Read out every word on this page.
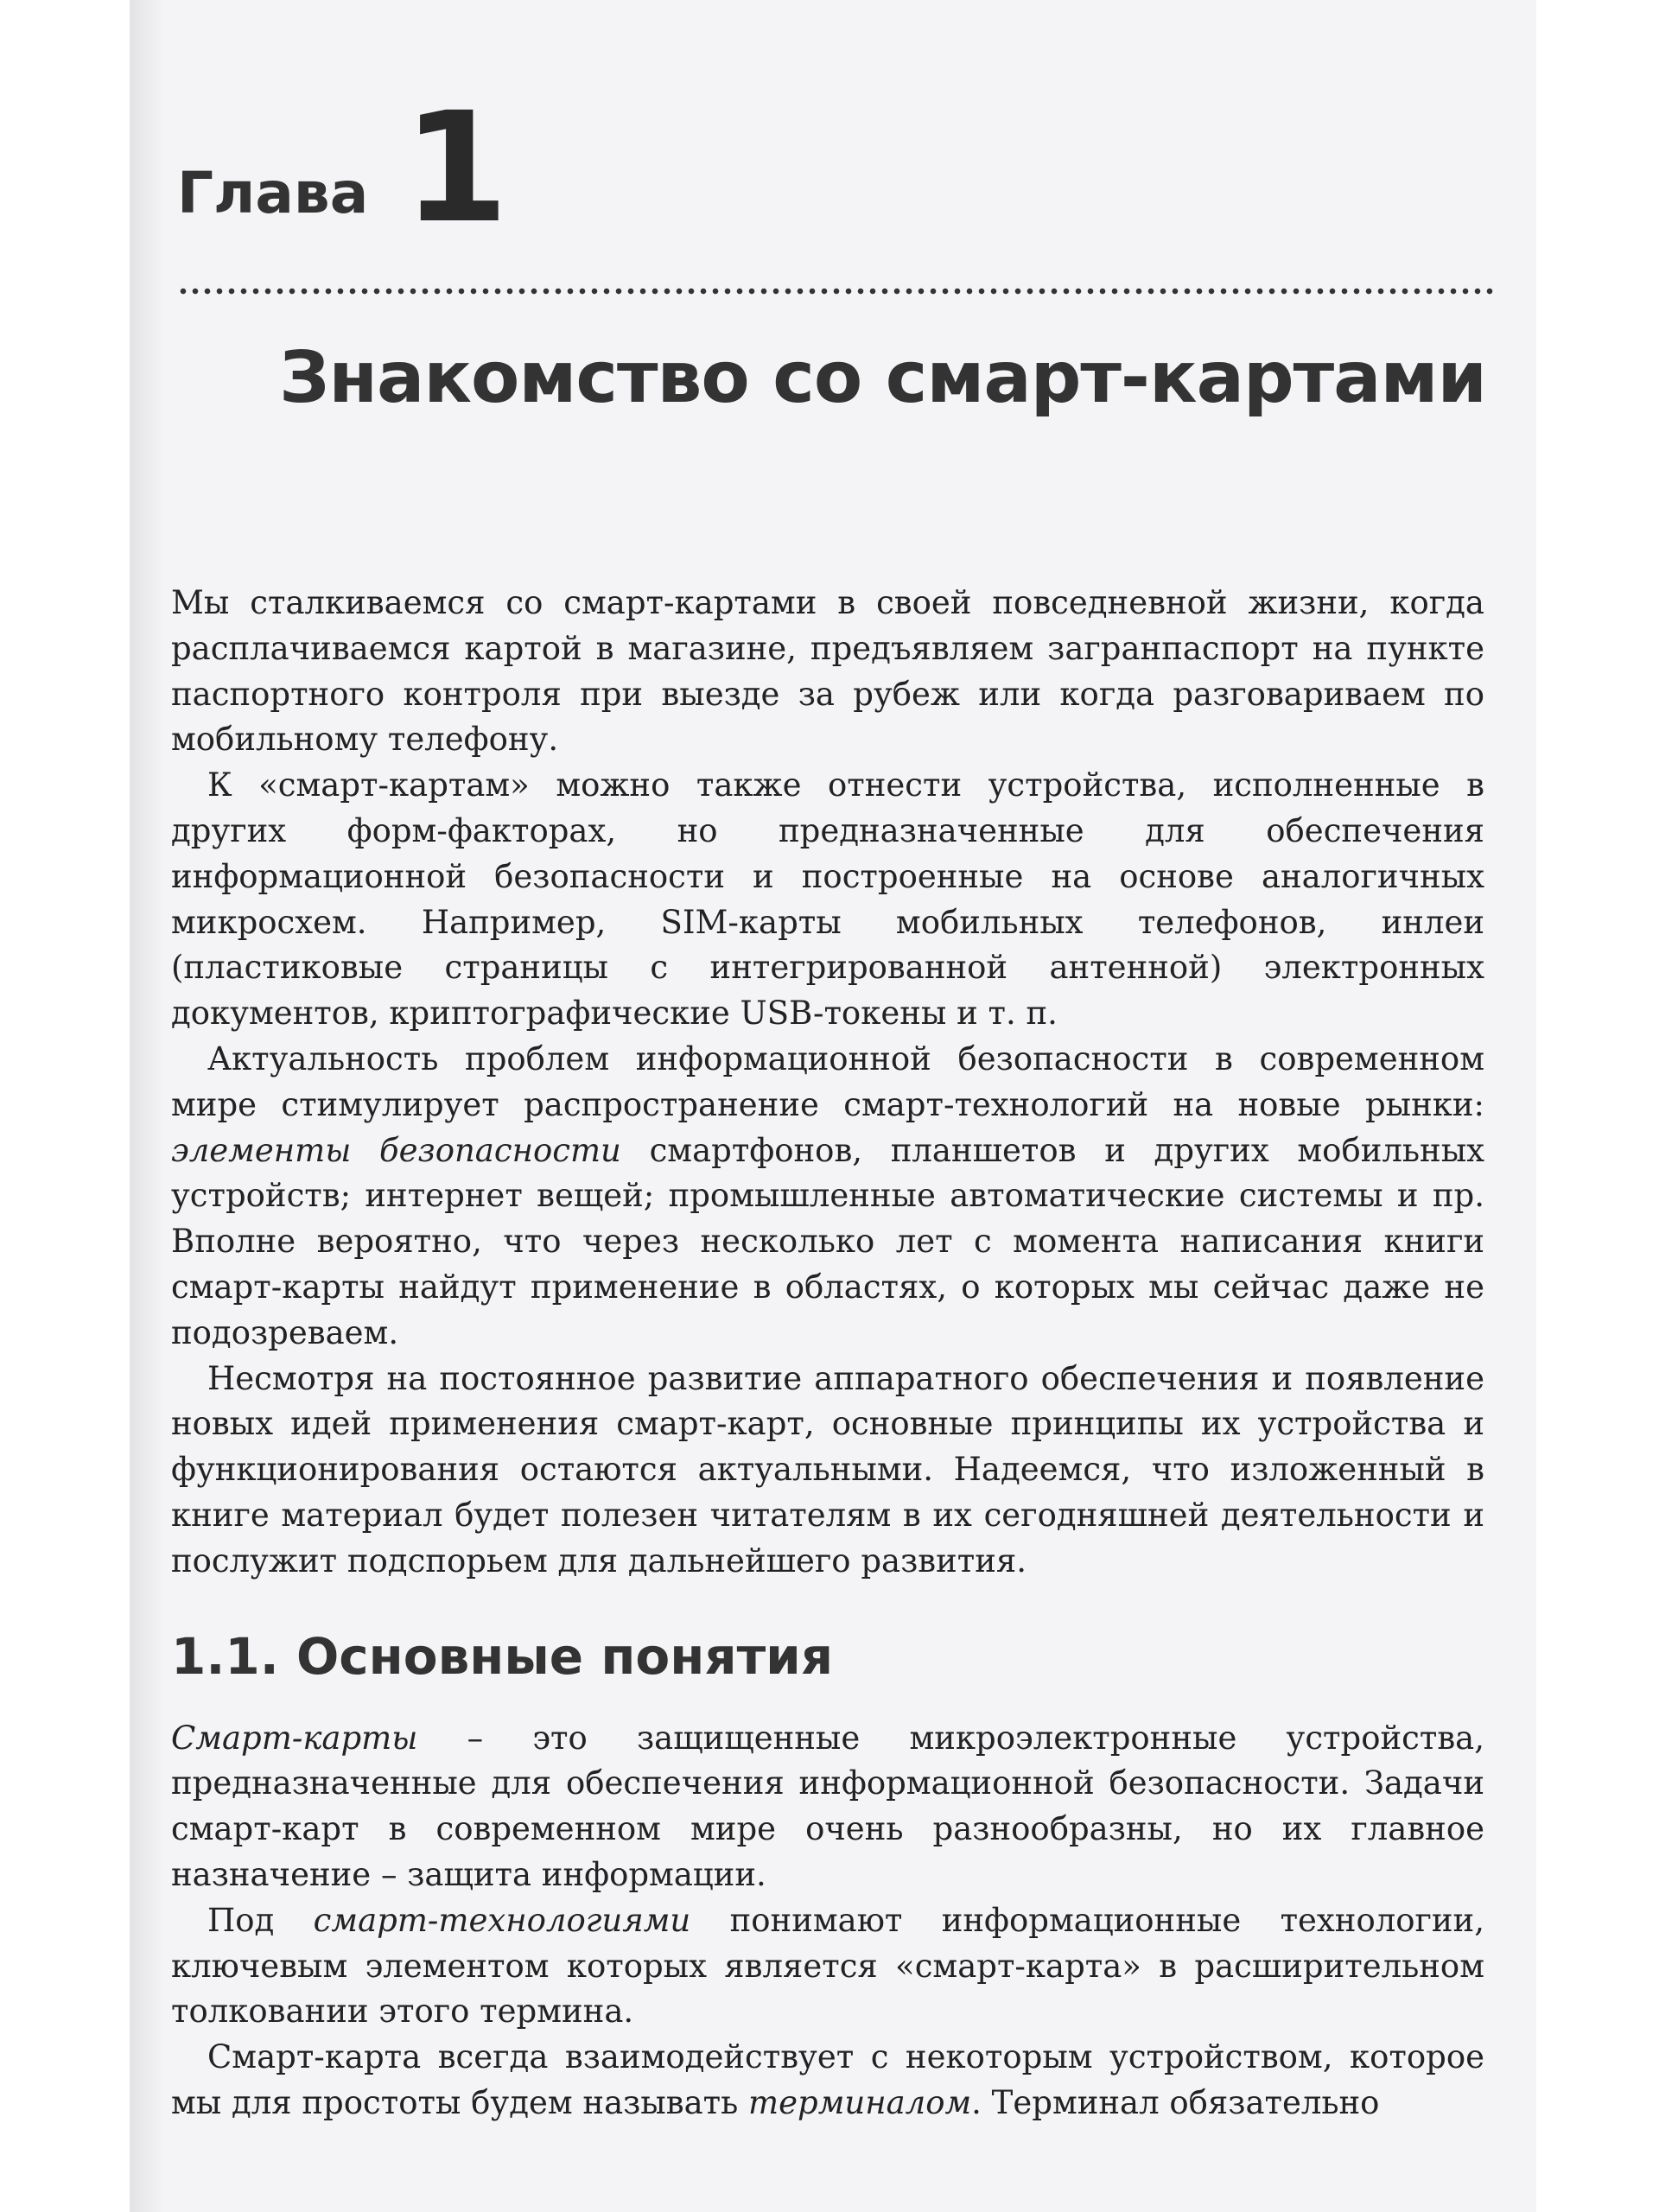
Глава 1
Знакомство со смарт-картами

Мы сталкиваемся со смарт-картами в своей повседневной жизни, когда расплачиваемся картой в магазине, предъявляем загранпаспорт на пункте паспортного контроля при выезде за рубеж или когда разговариваем по мобильному телефону.

К «смарт-картам» можно также отнести устройства, исполненные в других форм-факторах, но предназначенные для обеспечения информационной безопасности и построенные на основе аналогичных микросхем. Например, SIM-карты мобильных телефонов, инлеи (пластиковые страницы с интегрированной антенной) электронных документов, криптографические USB-токены и т. п.

Актуальность проблем информационной безопасности в современном мире стимулирует распространение смарт-технологий на новые рынки: элементы безопасности смартфонов, планшетов и других мобильных устройств; интернет вещей; промышленные автоматические системы и пр. Вполне вероятно, что через несколько лет с момента написания книги смарт-карты найдут применение в областях, о которых мы сейчас даже не подозреваем.

Несмотря на постоянное развитие аппаратного обеспечения и появление новых идей применения смарт-карт, основные принципы их устройства и функционирования остаются актуальными. Надеемся, что изложенный в книге материал будет полезен читателям в их сегодняшней деятельности и послужит подспорьем для дальнейшего развития.

1.1. Основные понятия

Смарт-карты – это защищенные микроэлектронные устройства, предназначенные для обеспечения информационной безопасности. Задачи смарт-карт в современном мире очень разнообразны, но их главное назначение – защита информации.

Под смарт-технологиями понимают информационные технологии, ключевым элементом которых является «смарт-карта» в расширительном толковании этого термина.

Смарт-карта всегда взаимодействует с некоторым устройством, которое мы для простоты будем называть терминалом. Терминал обязательно
